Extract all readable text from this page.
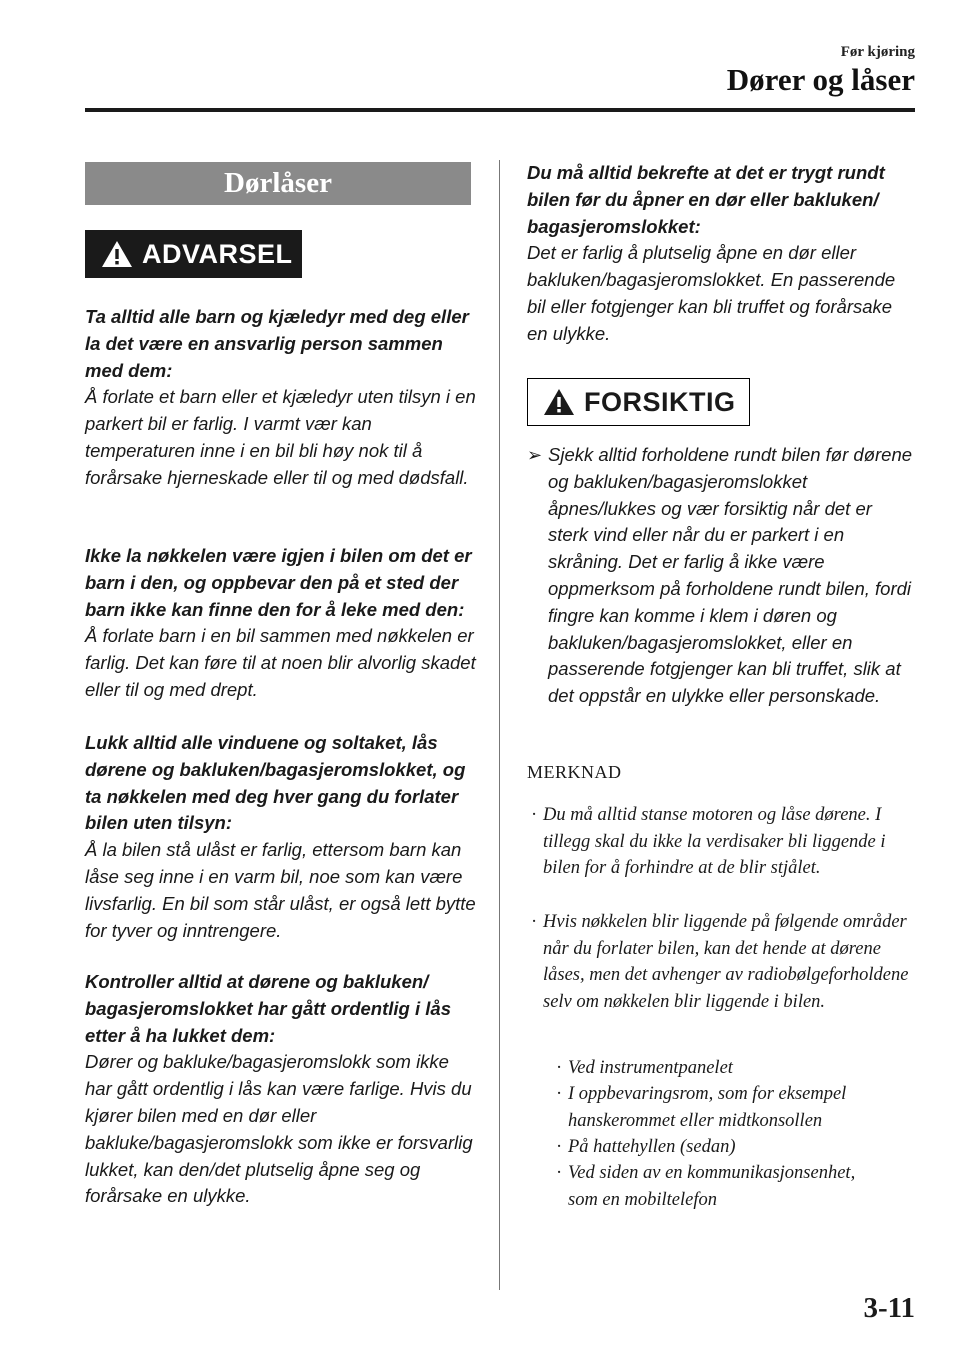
Før kjøring
Dører og låser
Dørlåser
ADVARSEL

Ta alltid alle barn og kjæledyr med deg eller la det være en ansvarlig person sammen med dem:

Å forlate et barn eller et kjæledyr uten tilsyn i en parkert bil er farlig. I varmt vær kan temperaturen inne i en bil bli høy nok til å forårsake hjerneskade eller til og med dødsfall.

Ikke la nøkkelen være igjen i bilen om det er barn i den, og oppbevar den på et sted der barn ikke kan finne den for å leke med den:

Å forlate barn i en bil sammen med nøkkelen er farlig. Det kan føre til at noen blir alvorlig skadet eller til og med drept.

Lukk alltid alle vinduene og soltaket, lås dørene og bakluken/bagasjeromslokket, og ta nøkkelen med deg hver gang du forlater bilen uten tilsyn:

Å la bilen stå ulåst er farlig, ettersom barn kan låse seg inne i en varm bil, noe som kan være livsfarlig. En bil som står ulåst, er også lett bytte for tyver og inntrengere.

Kontroller alltid at dørene og bakluken/ bagasjeromslokket har gått ordentlig i lås etter å ha lukket dem:

Dører og bakluke/bagasjeromslokk som ikke har gått ordentlig i lås kan være farlige. Hvis du kjører bilen med en dør eller bakluke/bagasjeromslokk som ikke er forsvarlig lukket, kan den/det plutselig åpne seg og forårsake en ulykke.

Du må alltid bekrefte at det er trygt rundt bilen før du åpner en dør eller bakluken/ bagasjeromslokket:

Det er farlig å plutselig åpne en dør eller bakluken/bagasjeromslokket. En passerende bil eller fotgjenger kan bli truffet og forårsake en ulykke.

FORSIKTIG
➢ Sjekk alltid forholdene rundt bilen før dørene og bakluken/bagasjeromslokket åpnes/lukkes og vær forsiktig når det er sterk vind eller når du er parkert i en skråning. Det er farlig å ikke være oppmerksom på forholdene rundt bilen, fordi fingre kan komme i klem i døren og bakluken/bagasjeromslokket, eller en passerende fotgjenger kan bli truffet, slik at det oppstår en ulykke eller personskade.
MERKNAD
· Du må alltid stanse motoren og låse dørene. I tillegg skal du ikke la verdisaker bli liggende i bilen for å forhindre at de blir stjålet.
· Hvis nøkkelen blir liggende på følgende områder når du forlater bilen, kan det hende at dørene låses, men det avhenger av radiobølgeforholdene selv om nøkkelen blir liggende i bilen.
· Ved instrumentpanelet
· I oppbevaringsrom, som for eksempel hanskerommet eller midtkonsollen
· På hattehyllen (sedan)
· Ved siden av en kommunikasjonsenhet, som en mobiltelefon
3-11
